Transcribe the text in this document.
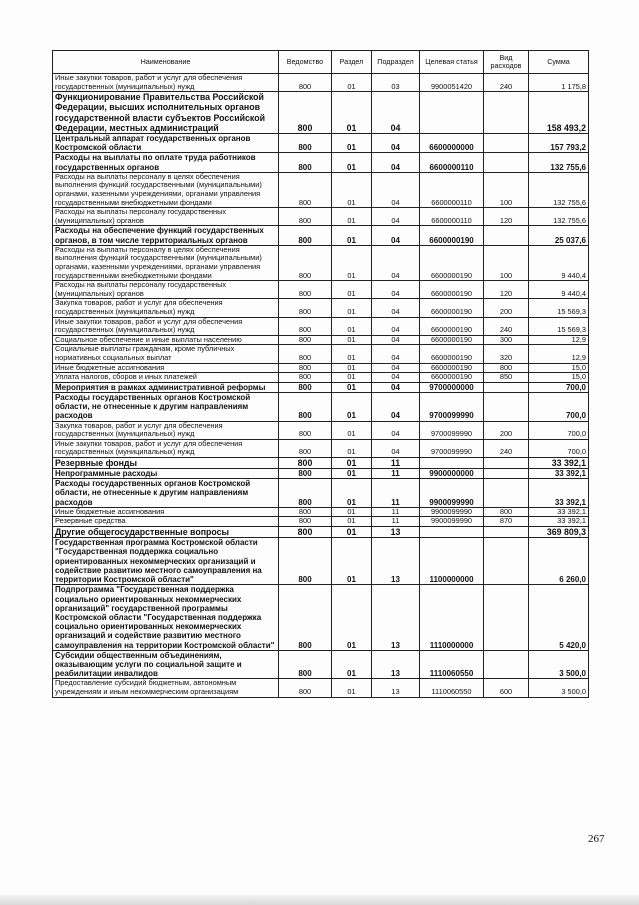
Наименование	Ведомство	Раздел	Подраздел	Целевая статья	Вид расходов	Сумма
Иные закупки товаров, работ и услуг для обеспечения государственных (муниципальных) нужд	800	01	03	9900051420	240	1 175,8
Функционирование Правительства Российской Федерации, высших исполнительных органов государственной власти субъектов Российской Федерации, местных администраций	800	01	04			158 493,2
Центральный аппарат государственных органов Костромской области	800	01	04	6600000000		157 793,2
Расходы на выплаты по оплате труда работников государственных органов	800	01	04	6600000110		132 755,6
Расходы на выплаты персоналу в целях обеспечения выполнения функций государственными (муниципальными) органами, казенными учреждениями, органами управления государственными внебюджетными фондами	800	01	04	6600000110	100	132 755,6
Расходы на выплаты персоналу государственных (муниципальных) органов	800	01	04	6600000110	120	132 755,6
Расходы на обеспечение функций государственных органов, в том числе территориальных органов	800	01	04	6600000190		25 037,6
Расходы на выплаты персоналу в целях обеспечения выполнения функций государственными (муниципальными) органами, казенными учреждениями, органами управления государственными внебюджетными фондами	800	01	04	6600000190	100	9 440,4
Расходы на выплаты персоналу государственных (муниципальных) органов	800	01	04	6600000190	120	9 440,4
Закупка товаров, работ и услуг для обеспечения государственных (муниципальных) нужд	800	01	04	6600000190	200	15 569,3
Иные закупки товаров, работ и услуг для обеспечения государственных (муниципальных) нужд	800	01	04	6600000190	240	15 569,3
Социальное обеспечение и иные выплаты населению	800	01	04	6600000190	300	12,9
Социальные выплаты гражданам, кроме публичных нормативных социальных выплат	800	01	04	6600000190	320	12,9
Иные бюджетные ассигнования	800	01	04	6600000190	800	15,0
Уплата налогов, сборов и иных платежей	800	01	04	6600000190	850	15,0
Мероприятия в рамках административной реформы	800	01	04	9700000000		700,0
Расходы государственных органов Костромской области, не отнесенные к другим направлениям расходов	800	01	04	9700099990		700,0
Закупка товаров, работ и услуг для обеспечения государственных (муниципальных) нужд	800	01	04	9700099990	200	700,0
Иные закупки товаров, работ и услуг для обеспечения государственных (муниципальных) нужд	800	01	04	9700099990	240	700,0
Резервные фонды	800	01	11			33 392,1
Непрограммные расходы	800	01	11	9900000000		33 392,1
Расходы государственных органов Костромской области, не отнесенные к другим направлениям расходов	800	01	11	9900099990		33 392,1
Иные бюджетные ассигнования	800	01	11	9900099990	800	33 392,1
Резервные средства	800	01	11	9900099990	870	33 392,1
Другие общегосударственные вопросы	800	01	13			369 809,3
Государственная программа Костромской области "Государственная поддержка социально ориентированных некоммерческих организаций и содействие развитию местного самоуправления на территории Костромской области"	800	01	13	1100000000		6 260,0
Подпрограмма "Государственная поддержка социально ориентированных некоммерческих организаций" государственной программы Костромской области "Государственная поддержка социально ориентированных некоммерческих организаций и содействие развитию местного самоуправления на территории Костромской области"	800	01	13	1110000000		5 420,0
Субсидии общественным объединениям, оказывающим услуги по социальной защите и реабилитации инвалидов	800	01	13	1110060550		3 500,0
Предоставление субсидий бюджетным, автономным учреждениям и иным некоммерческим организациям	800	01	13	1110060550	600	3 500,0
267
